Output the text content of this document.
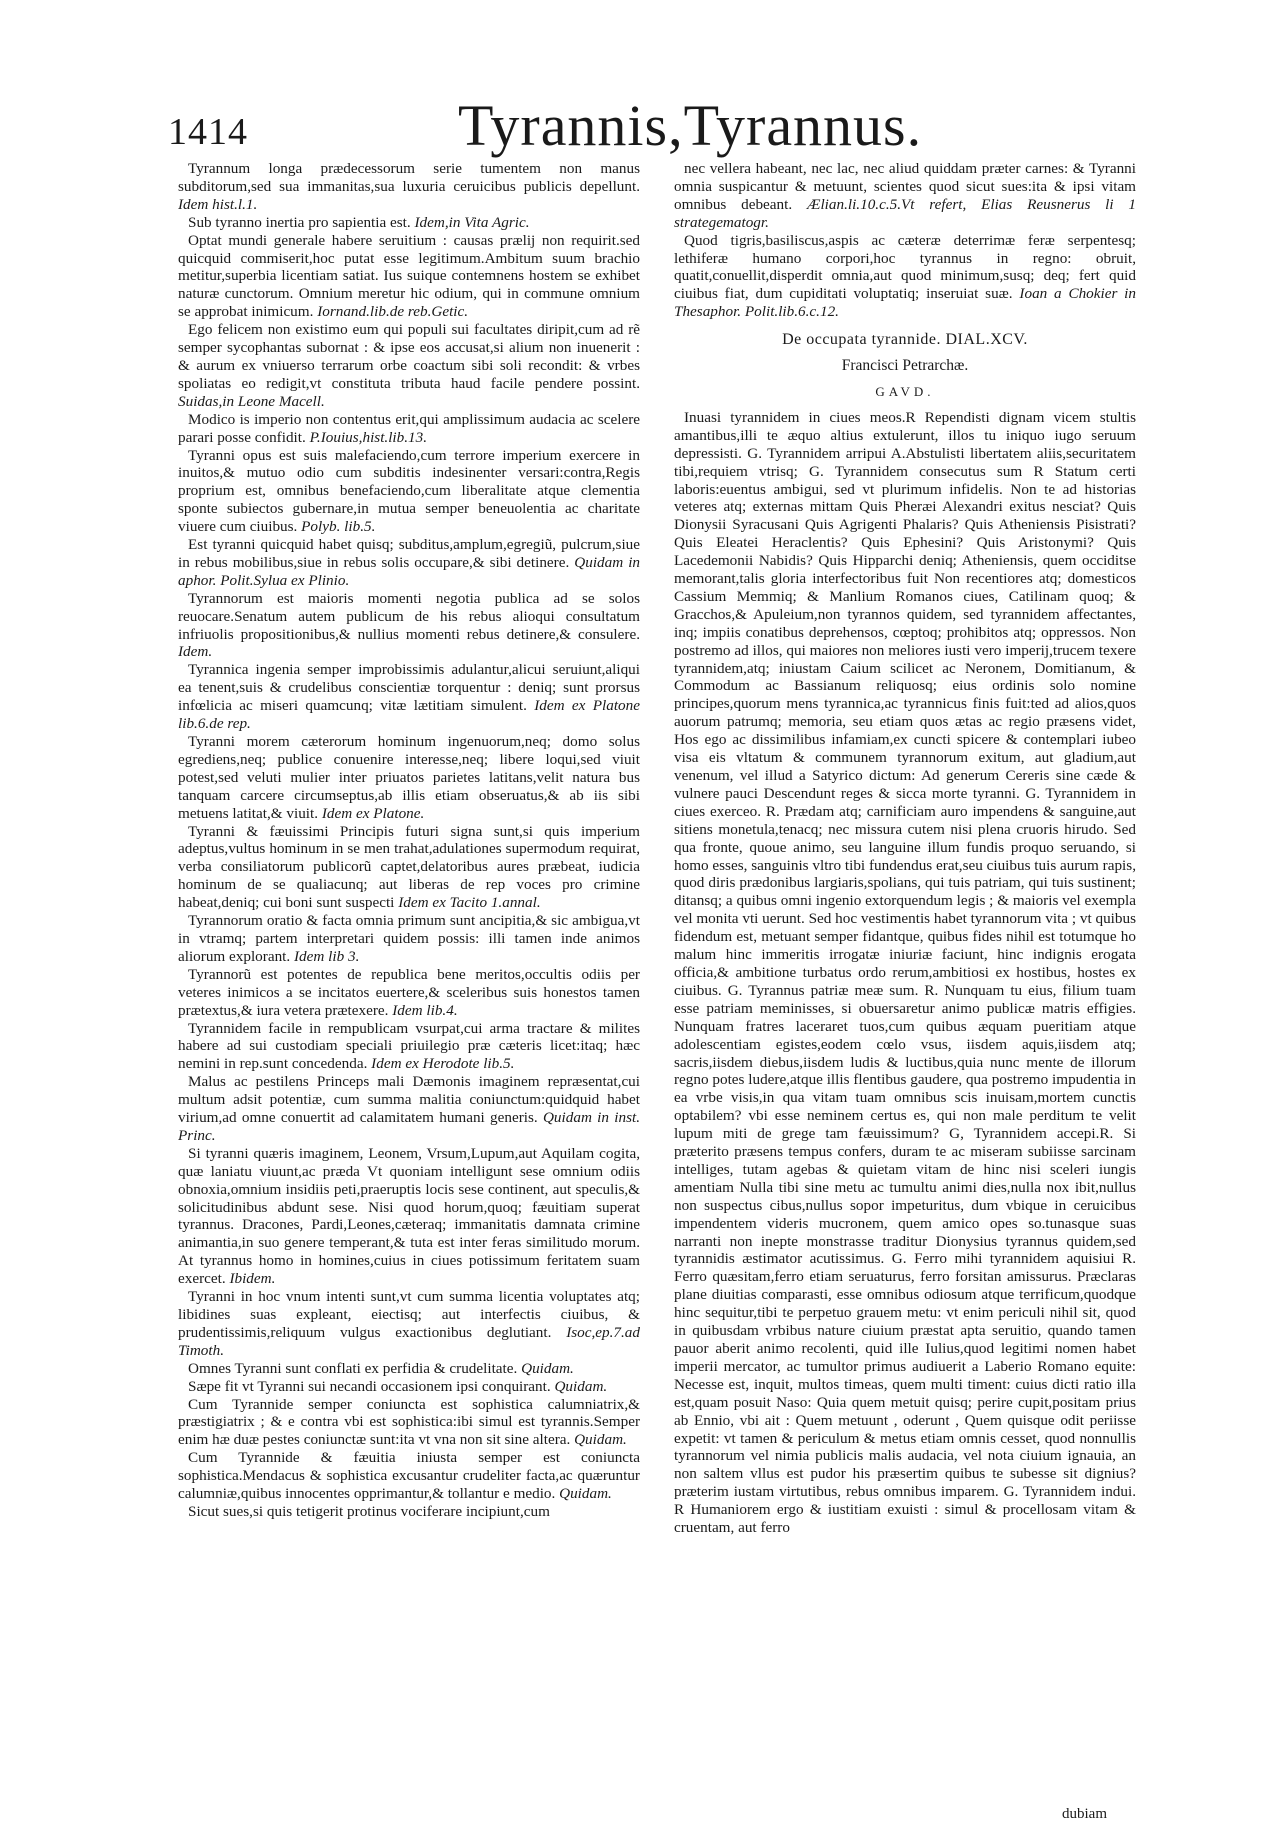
1414	Tyrannis,Tyrannus.

Tyrannum longa prædecessorum serie tumentem non manus subditorum,sed sua immanitas,sua luxuria ceruicibus publicis depellunt. Idem hist.l.1.

Sub tyranno inertia pro sapientia est. Idem,in Vita Agric.

Optat mundi generale habere seruitium : causas prælij non requirit.sed quicquid commiserit,hoc putat esse legitimum.Ambitum suum brachio metitur,superbia licentiam satiat. Ius suique contemnens hostem se exhibet naturæ cunctorum. Omnium meretur hic odium, qui in commune omnium se approbat inimicum. Iornand.lib.de reb.Getic.

Ego felicem non existimo eum qui populi sui facultates diripit,cum ad rẽ semper sycophantas subornat : & ipse eos accusat,si alium non inuenerit : & aurum ex vniuerso terrarum orbe coactum sibi soli recondit: & vrbes spoliatas eo redigit,vt constituta tributa haud facile pendere possint. Suidas,in Leone Macell.

Modico is imperio non contentus erit,qui amplissimum audacia ac scelere parari posse confidit. P.Iouius,hist.lib.13.

Tyranni opus est suis malefaciendo,cum terrore imperium exercere in inuitos,& mutuo odio cum subditis indesinenter versari:contra,Regis proprium est, omnibus benefaciendo,cum liberalitate atque clementia sponte subiectos gubernare,in mutua semper beneuolentia ac charitate viuere cum ciuibus. Polyb. lib.5.

Est tyranni quicquid habet quisq; subditus,amplum,egregiũ, pulcrum,siue in rebus mobilibus,siue in rebus solis occupare,& sibi detinere. Quidam in aphor. Polit.Sylua ex Plinio.

Tyrannorum est maioris momenti negotia publica ad se solos reuocare.Senatum autem publicum de his rebus alioqui consultatum infriuolis propositionibus,& nullius momenti rebus detinere,& consulere. Idem.

Tyrannica ingenia semper improbissimis adulantur,alicui seruiunt,aliqui ea tenent,suis & crudelibus conscientiæ torquentur : deniq; sunt prorsus infœlicia ac miseri quamcunq; vitæ lætitiam simulent. Idem ex Platone lib.6.de rep.

Tyranni morem cæterorum hominum ingenuorum,neq; domo solus egrediens,neq; publice conuenire interesse,neq; libere loqui,sed viuit potest,sed veluti mulier inter priuatos parietes latitans,velit natura bus tanquam carcere circumseptus,ab illis etiam obseruatus,& ab iis sibi metuens latitat,& viuit. Idem ex Platone.

Tyranni & fæuissimi Principis futuri signa sunt,si quis imperium adeptus,vultus hominum in se men trahat,adulationes supermodum requirat, verba consiliatorum publicorũ captet,delatoribus aures præbeat, iudicia hominum de se qualiacunq; aut liberas de rep voces pro crimine habeat,deniq; cui boni sunt suspecti Idem ex Tacito 1.annal.

Tyrannorum oratio & facta omnia primum sunt ancipitia,& sic ambigua,vt in vtramq; partem interpretari quidem possis: illi tamen inde animos aliorum explorant. Idem lib 3.

Tyrannorũ est potentes de republica bene meritos,occultis odiis per veteres inimicos a se incitatos euertere,& sceleribus suis honestos tamen prætextus,& iura vetera prætexere. Idem lib.4.

Tyrannidem facile in rempublicam vsurpat,cui arma tractare & milites habere ad sui custodiam speciali priuilegio præ cæteris licet:itaq; hæc nemini in rep.sunt concedenda. Idem ex Herodote lib.5.

Malus ac pestilens Princeps mali Dæmonis imaginem repræsentat,cui multum adsit potentiæ, cum summa malitia coniunctum:quidquid habet virium,ad omne conuertit ad calamitatem humani generis. Quidam in inst. Princ.

Si tyranni quæris imaginem, Leonem, Vrsum,Lupum,aut Aquilam cogita, quæ laniatu viuunt,ac præda Vt quoniam intelligunt sese omnium odiis obnoxia,omnium insidiis peti,praeruptis locis sese continent, aut speculis,& solicitudinibus abdunt sese. Nisi quod horum,quoq; fæuitiam superat tyrannus. Dracones, Pardi,Leones,cæteraq; immanitatis damnata crimine animantia,in suo genere temperant,& tuta est inter feras similitudo morum. At tyrannus homo in homines,cuius in ciues potissimum feritatem suam exercet. Ibidem.

Tyranni in hoc vnum intenti sunt,vt cum summa licentia voluptates atq; libidines suas expleant, eiectisq; aut interfectis ciuibus, & prudentissimis,reliquum vulgus exactionibus deglutiant. Isoc,ep.7.ad Timoth.

Omnes Tyranni sunt conflati ex perfidia & crudelitate. Quidam.

Sæpe fit vt Tyranni sui necandi occasionem ipsi conquirant. Quidam.

Cum Tyrannide semper coniuncta est sophistica calumniatrix,& præstigiatrix ; & e contra vbi est sophistica:ibi simul est tyrannis.Semper enim hæ duæ pestes coniunctæ sunt:ita vt vna non sit sine altera. Quidam.

Cum Tyrannide & fæuitia iniusta semper est coniuncta sophistica.Mendacus & sophistica excusantur crudeliter facta,ac quæruntur calumniæ,quibus innocentes opprimantur,& tollantur e medio. Quidam.

Sicut sues,si quis tetigerit protinus vociferare incipiunt,cum

nec vellera habeant, nec lac, nec aliud quiddam præter carnes: & Tyranni omnia suspicantur & metuunt, scientes quod sicut sues:ita & ipsi vitam omnibus debeant. Ælian.li.10.c.5.Vt refert, Elias Reusnerus li 1 strategematogr.

Quod tigris,basiliscus,aspis ac cæteræ deterrimæ feræ serpentesq; lethiferæ humano corpori,hoc tyrannus in regno: obruit, quatit,conuellit,disperdit omnia,aut quod minimum,susq; deq; fert quid ciuibus fiat, dum cupiditati voluptatiq; inseruiat suæ. Ioan a Chokier in Thesaphor. Polit.lib.6.c.12.

De occupata tyrannide. DIAL.XCV.
Francisci Petrarchæ.
GAVD.

Inuasi tyrannidem in ciues meos.R Rependisti dignam vicem stultis amantibus,illi te æquo altius extulerunt, illos tu iniquo iugo seruum depressisti. G. Tyrannidem arripui A.Abstulisti libertatem aliis,securitatem tibi,requiem vtrisq; G. Tyrannidem consecutus sum R Statum certi laboris:euentus ambigui, sed vt plurimum infidelis. Non te ad historias veteres atq; externas mittam Quis Pheræi Alexandri exitus nesciat? Quis Dionysii Syracusani Quis Agrigenti Phalaris? Quis Atheniensis Pisistrati? Quis Eleatei Heraclentis? Quis Ephesini? Quis Aristonymi? Quis Lacedemonii Nabidis? Quis Hipparchi deniq; Atheniensis, quem occiditse memorant,talis gloria interfectoribus fuit Non recentiores atq; domesticos Cassium Memmiq; & Manlium Romanos ciues, Catilinam quoq; & Gracchos,& Apuleium,non tyrannos quidem, sed tyrannidem affectantes, inq; impiis conatibus deprehensos, cœptoq; prohibitos atq; oppressos. Non postremo ad illos, qui maiores non meliores iusti vero imperij,trucem texere tyrannidem,atq; iniustam Caium scilicet ac Neronem, Domitianum, & Commodum ac Bassianum reliquosq; eius ordinis solo nomine principes,quorum mens tyrannica,ac tyrannicus finis fuit:ted ad alios,quos auorum patrumq; memoria, seu etiam quos ætas ac regio præsens videt, Hos ego ac dissimilibus infamiam,ex cuncti spicere & contemplari iubeo visa eis vltatum & communem tyrannorum exitum, aut gladium,aut venenum, vel illud a Satyrico dictum: Ad generum Cereris sine cæde & vulnere pauci Descendunt reges & sicca morte tyranni. G. Tyrannidem in ciues exerceo. R. Prædam atq; carnificiam auro impendens & sanguine,aut sitiens monetula,tenacq; nec missura cutem nisi plena cruoris hirudo. Sed qua fronte, quoue animo, seu languine illum fundis proquo seruando, si homo esses, sanguinis vltro tibi fundendus erat,seu ciuibus tuis aurum rapis, quod diris prædonibus largiaris,spolians, qui tuis patriam, qui tuis sustinent; ditansq; a quibus omni ingenio extorquendum legis ; & maioris vel exempla vel monita vti uerunt. Sed hoc vestimentis habet tyrannorum vita ; vt quibus fidendum est, metuant semper fidantque, quibus fides nihil est totumque ho malum hinc immeritis irrogatæ iniuriæ faciunt, hinc indignis erogata officia,& ambitione turbatus ordo rerum,ambitiosi ex hostibus, hostes ex ciuibus. G. Tyrannus patriæ meæ sum. R. Nunquam tu eius, filium tuam esse patriam meminisses, si obuersaretur animo publicæ matris effigies. Nunquam fratres laceraret tuos,cum quibus æquam pueritiam atque adolescentiam egistes,eodem cœlo vsus, iisdem aquis,iisdem atq; sacris,iisdem diebus,iisdem ludis & luctibus,quia nunc mente de illorum regno potes ludere,atque illis flentibus gaudere, qua postremo impudentia in ea vrbe visis,in qua vitam tuam omnibus scis inuisam,mortem cunctis optabilem? vbi esse neminem certus es, qui non male perditum te velit lupum miti de grege tam fæuissimum? G, Tyrannidem accepi.R. Si præterito præsens tempus confers, duram te ac miseram subiisse sarcinam intelliges, tutam agebas & quietam vitam de hinc nisi sceleri iungis amentiam Nulla tibi sine metu ac tumultu animi dies,nulla nox ibit,nullus non suspectus cibus,nullus sopor impeturitus, dum vbique in ceruicibus impendentem videris mucronem, quem amico opes so.tunasque suas narranti non inepte monstrasse traditur Dionysius tyrannus quidem,sed tyrannidis æstimator acutissimus. G. Ferro mihi tyrannidem aquisiui R. Ferro quæsitam,ferro etiam seruaturus, ferro forsitan amissurus. Præclaras plane diuitias comparasti, esse omnibus odiosum atque terrificum,quodque hinc sequitur,tibi te perpetuo grauem metu: vt enim periculi nihil sit, quod in quibusdam vrbibus nature ciuium præstat apta seruitio, quando tamen pauor aberit animo recolenti, quid ille Iulius,quod legitimi nomen habet imperii mercator, ac tumultor primus audiuerit a Laberio Romano equite: Necesse est, inquit, multos timeas, quem multi timent: cuius dicti ratio illa est,quam posuit Naso: Quia quem metuit quisq; perire cupit,positam prius ab Ennio, vbi ait : Quem metuunt , oderunt , Quem quisque odit periisse expetit: vt tamen & periculum & metus etiam omnis cesset, quod nonnullis tyrannorum vel nimia publicis malis audacia, vel nota ciuium ignauia, an non saltem vllus est pudor his præsertim quibus te subesse sit dignius? præterim iustam virtutibus, rebus omnibus imparem. G. Tyrannidem indui. R Humaniorem ergo & iustitiam exuisti : simul & procellosam vitam & cruentam, aut ferro

dubiam
